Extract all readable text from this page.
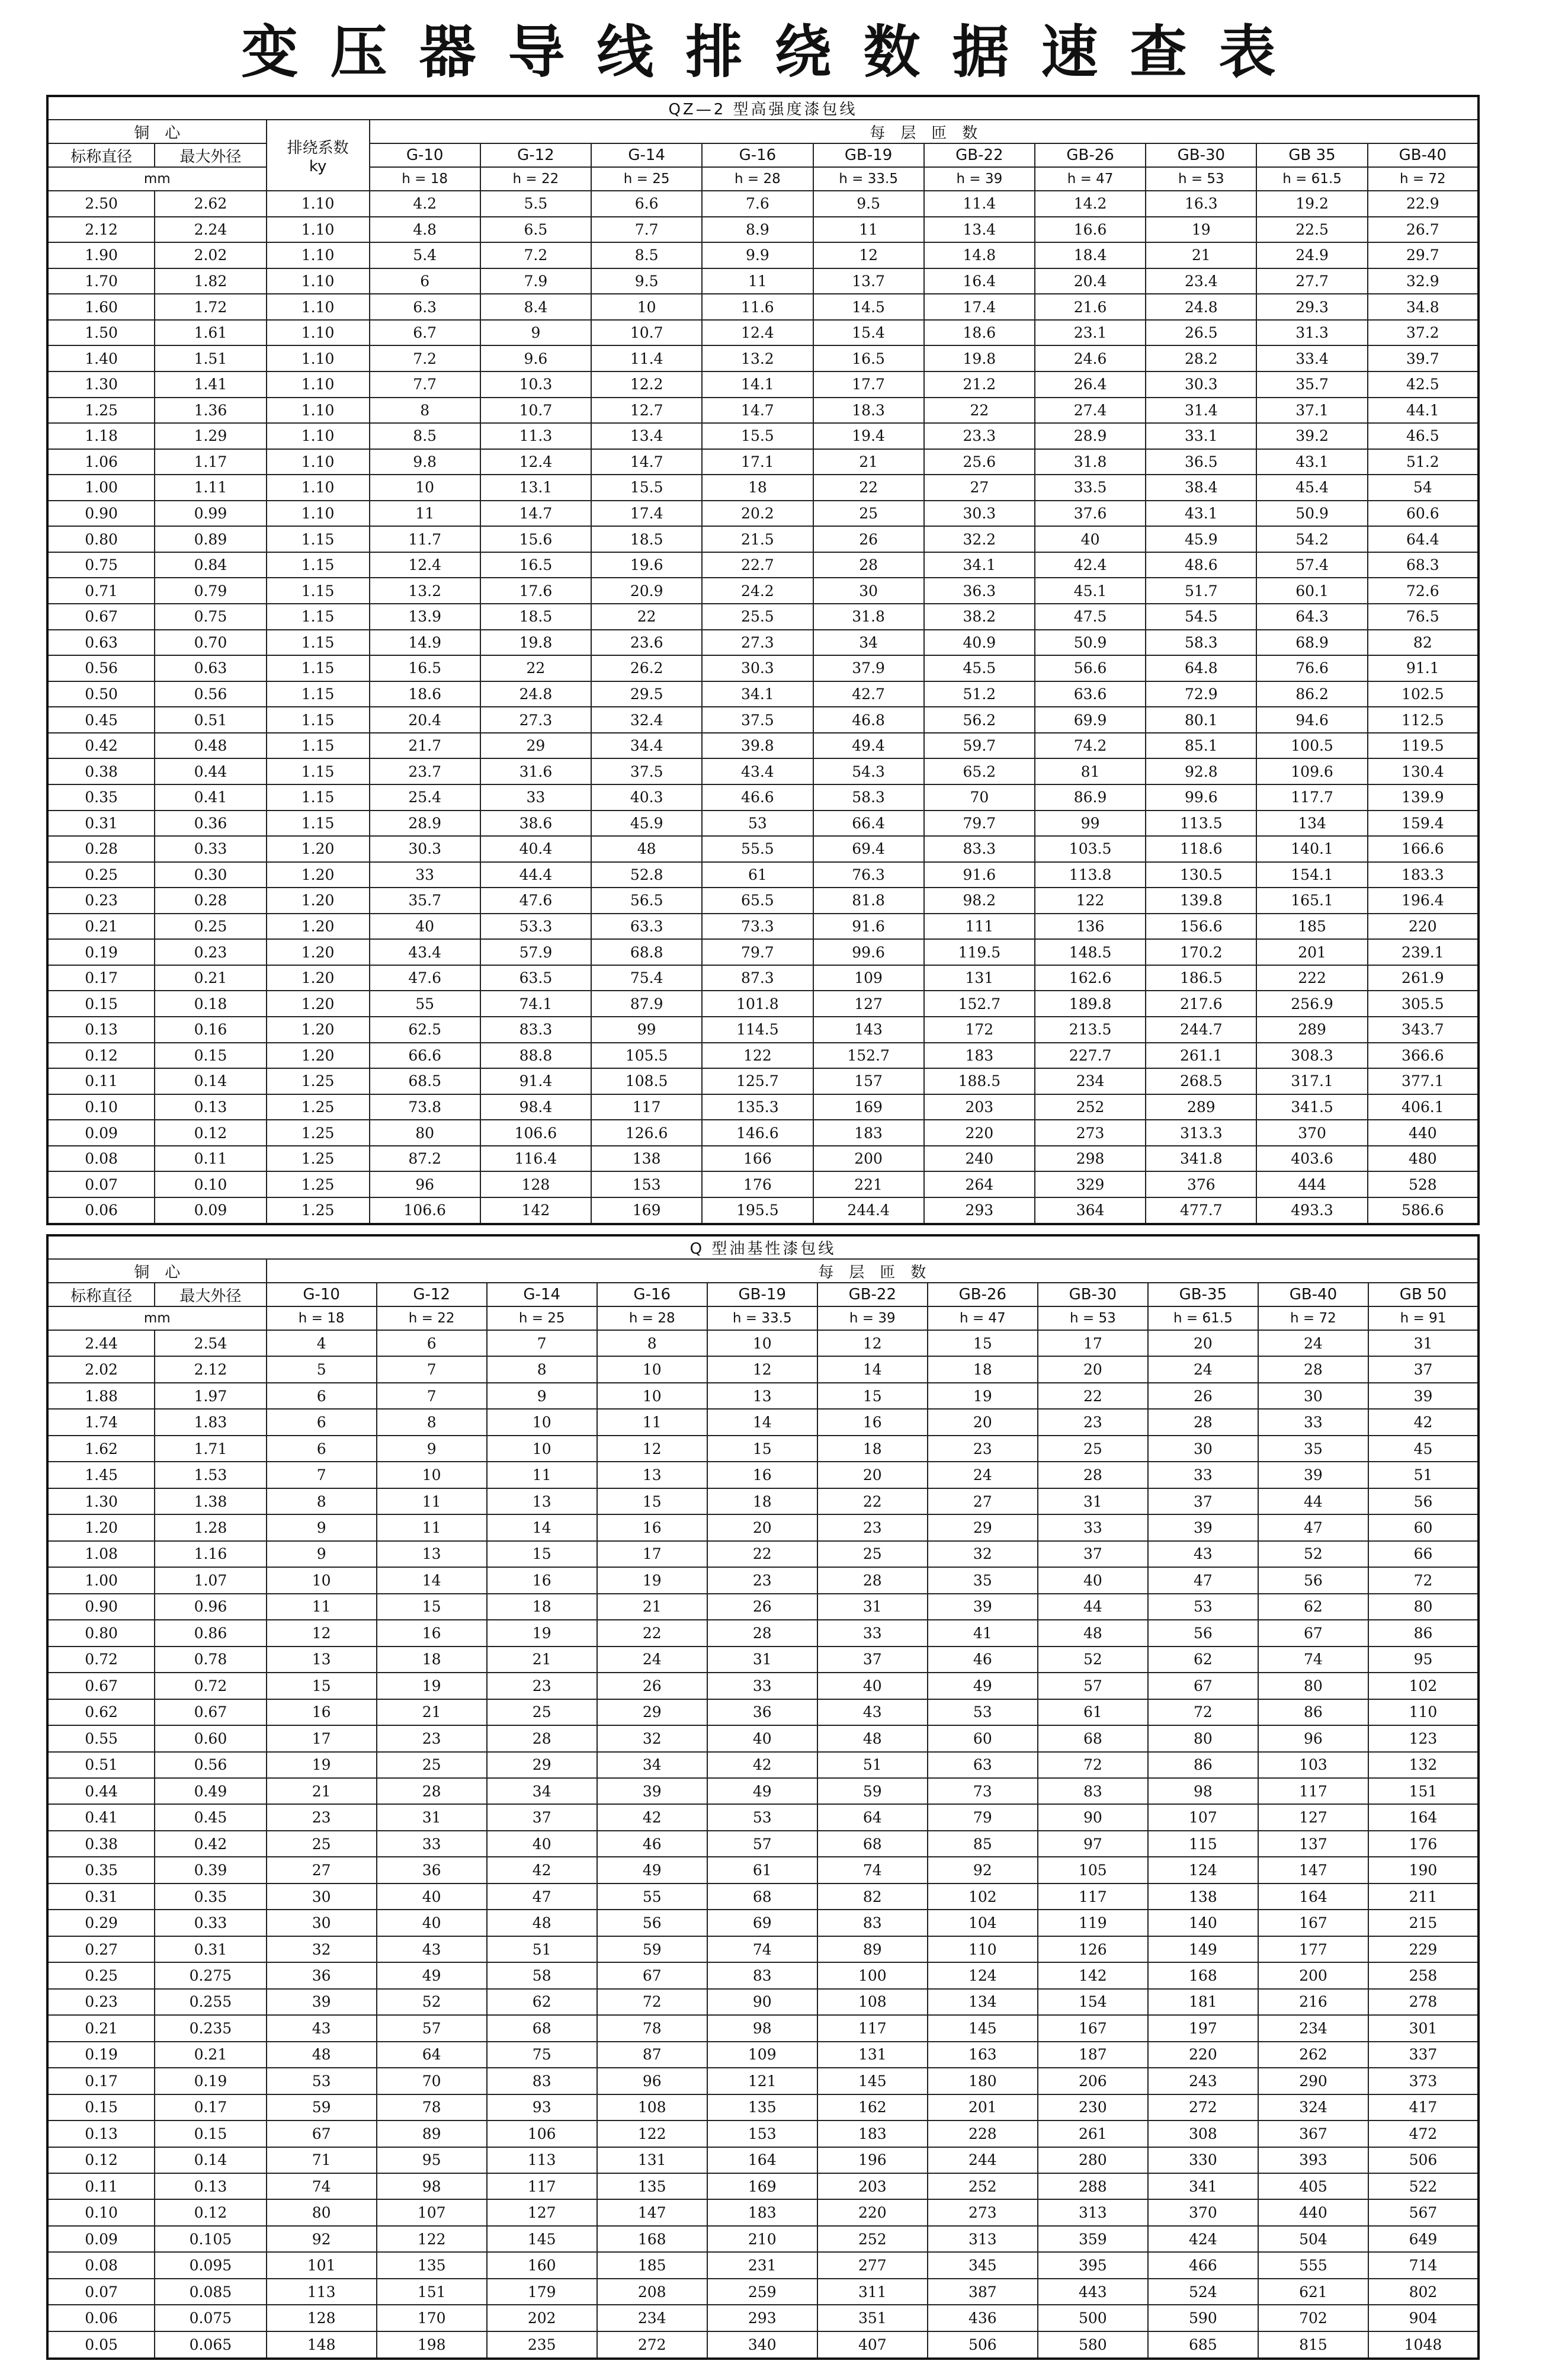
变压器导线排绕数据速查表
QZ—2 型高强度漆包线												
铜　心		排绕系数
ky	每　层　匝　数									
标称直径	最大外径		G-10	G-12	G-14	G-16	GB-19	GB-22	GB-26	GB-30	GB 35	GB-40
mm			h = 18	h = 22	h = 25	h = 28	h = 33.5	h = 39	h = 47	h = 53	h = 61.5	h = 72
2.50	2.62	1.10	4.2	5.5	6.6	7.6	9.5	11.4	14.2	16.3	19.2	22.9
2.12	2.24	1.10	4.8	6.5	7.7	8.9	11	13.4	16.6	19	22.5	26.7
1.90	2.02	1.10	5.4	7.2	8.5	9.9	12	14.8	18.4	21	24.9	29.7
1.70	1.82	1.10	6	7.9	9.5	11	13.7	16.4	20.4	23.4	27.7	32.9
1.60	1.72	1.10	6.3	8.4	10	11.6	14.5	17.4	21.6	24.8	29.3	34.8
1.50	1.61	1.10	6.7	9	10.7	12.4	15.4	18.6	23.1	26.5	31.3	37.2
1.40	1.51	1.10	7.2	9.6	11.4	13.2	16.5	19.8	24.6	28.2	33.4	39.7
1.30	1.41	1.10	7.7	10.3	12.2	14.1	17.7	21.2	26.4	30.3	35.7	42.5
1.25	1.36	1.10	8	10.7	12.7	14.7	18.3	22	27.4	31.4	37.1	44.1
1.18	1.29	1.10	8.5	11.3	13.4	15.5	19.4	23.3	28.9	33.1	39.2	46.5
1.06	1.17	1.10	9.8	12.4	14.7	17.1	21	25.6	31.8	36.5	43.1	51.2
1.00	1.11	1.10	10	13.1	15.5	18	22	27	33.5	38.4	45.4	54
0.90	0.99	1.10	11	14.7	17.4	20.2	25	30.3	37.6	43.1	50.9	60.6
0.80	0.89	1.15	11.7	15.6	18.5	21.5	26	32.2	40	45.9	54.2	64.4
0.75	0.84	1.15	12.4	16.5	19.6	22.7	28	34.1	42.4	48.6	57.4	68.3
0.71	0.79	1.15	13.2	17.6	20.9	24.2	30	36.3	45.1	51.7	60.1	72.6
0.67	0.75	1.15	13.9	18.5	22	25.5	31.8	38.2	47.5	54.5	64.3	76.5
0.63	0.70	1.15	14.9	19.8	23.6	27.3	34	40.9	50.9	58.3	68.9	82
0.56	0.63	1.15	16.5	22	26.2	30.3	37.9	45.5	56.6	64.8	76.6	91.1
0.50	0.56	1.15	18.6	24.8	29.5	34.1	42.7	51.2	63.6	72.9	86.2	102.5
0.45	0.51	1.15	20.4	27.3	32.4	37.5	46.8	56.2	69.9	80.1	94.6	112.5
0.42	0.48	1.15	21.7	29	34.4	39.8	49.4	59.7	74.2	85.1	100.5	119.5
0.38	0.44	1.15	23.7	31.6	37.5	43.4	54.3	65.2	81	92.8	109.6	130.4
0.35	0.41	1.15	25.4	33	40.3	46.6	58.3	70	86.9	99.6	117.7	139.9
0.31	0.36	1.15	28.9	38.6	45.9	53	66.4	79.7	99	113.5	134	159.4
0.28	0.33	1.20	30.3	40.4	48	55.5	69.4	83.3	103.5	118.6	140.1	166.6
0.25	0.30	1.20	33	44.4	52.8	61	76.3	91.6	113.8	130.5	154.1	183.3
0.23	0.28	1.20	35.7	47.6	56.5	65.5	81.8	98.2	122	139.8	165.1	196.4
0.21	0.25	1.20	40	53.3	63.3	73.3	91.6	111	136	156.6	185	220
0.19	0.23	1.20	43.4	57.9	68.8	79.7	99.6	119.5	148.5	170.2	201	239.1
0.17	0.21	1.20	47.6	63.5	75.4	87.3	109	131	162.6	186.5	222	261.9
0.15	0.18	1.20	55	74.1	87.9	101.8	127	152.7	189.8	217.6	256.9	305.5
0.13	0.16	1.20	62.5	83.3	99	114.5	143	172	213.5	244.7	289	343.7
0.12	0.15	1.20	66.6	88.8	105.5	122	152.7	183	227.7	261.1	308.3	366.6
0.11	0.14	1.25	68.5	91.4	108.5	125.7	157	188.5	234	268.5	317.1	377.1
0.10	0.13	1.25	73.8	98.4	117	135.3	169	203	252	289	341.5	406.1
0.09	0.12	1.25	80	106.6	126.6	146.6	183	220	273	313.3	370	440
0.08	0.11	1.25	87.2	116.4	138	166	200	240	298	341.8	403.6	480
0.07	0.10	1.25	96	128	153	176	221	264	329	376	444	528
0.06	0.09	1.25	106.6	142	169	195.5	244.4	293	364	477.7	493.3	586.6
Q 型油基性漆包线												
铜　心		每　层　匝　数										
标称直径	最大外径	G-10	G-12	G-14	G-16	GB-19	GB-22	GB-26	GB-30	GB-35	GB-40	GB 50
mm		h = 18	h = 22	h = 25	h = 28	h = 33.5	h = 39	h = 47	h = 53	h = 61.5	h = 72	h = 91
2.44	2.54	4	6	7	8	10	12	15	17	20	24	31
2.02	2.12	5	7	8	10	12	14	18	20	24	28	37
1.88	1.97	6	7	9	10	13	15	19	22	26	30	39
1.74	1.83	6	8	10	11	14	16	20	23	28	33	42
1.62	1.71	6	9	10	12	15	18	23	25	30	35	45
1.45	1.53	7	10	11	13	16	20	24	28	33	39	51
1.30	1.38	8	11	13	15	18	22	27	31	37	44	56
1.20	1.28	9	11	14	16	20	23	29	33	39	47	60
1.08	1.16	9	13	15	17	22	25	32	37	43	52	66
1.00	1.07	10	14	16	19	23	28	35	40	47	56	72
0.90	0.96	11	15	18	21	26	31	39	44	53	62	80
0.80	0.86	12	16	19	22	28	33	41	48	56	67	86
0.72	0.78	13	18	21	24	31	37	46	52	62	74	95
0.67	0.72	15	19	23	26	33	40	49	57	67	80	102
0.62	0.67	16	21	25	29	36	43	53	61	72	86	110
0.55	0.60	17	23	28	32	40	48	60	68	80	96	123
0.51	0.56	19	25	29	34	42	51	63	72	86	103	132
0.44	0.49	21	28	34	39	49	59	73	83	98	117	151
0.41	0.45	23	31	37	42	53	64	79	90	107	127	164
0.38	0.42	25	33	40	46	57	68	85	97	115	137	176
0.35	0.39	27	36	42	49	61	74	92	105	124	147	190
0.31	0.35	30	40	47	55	68	82	102	117	138	164	211
0.29	0.33	30	40	48	56	69	83	104	119	140	167	215
0.27	0.31	32	43	51	59	74	89	110	126	149	177	229
0.25	0.275	36	49	58	67	83	100	124	142	168	200	258
0.23	0.255	39	52	62	72	90	108	134	154	181	216	278
0.21	0.235	43	57	68	78	98	117	145	167	197	234	301
0.19	0.21	48	64	75	87	109	131	163	187	220	262	337
0.17	0.19	53	70	83	96	121	145	180	206	243	290	373
0.15	0.17	59	78	93	108	135	162	201	230	272	324	417
0.13	0.15	67	89	106	122	153	183	228	261	308	367	472
0.12	0.14	71	95	113	131	164	196	244	280	330	393	506
0.11	0.13	74	98	117	135	169	203	252	288	341	405	522
0.10	0.12	80	107	127	147	183	220	273	313	370	440	567
0.09	0.105	92	122	145	168	210	252	313	359	424	504	649
0.08	0.095	101	135	160	185	231	277	345	395	466	555	714
0.07	0.085	113	151	179	208	259	311	387	443	524	621	802
0.06	0.075	128	170	202	234	293	351	436	500	590	702	904
0.05	0.065	148	198	235	272	340	407	506	580	685	815	1048
